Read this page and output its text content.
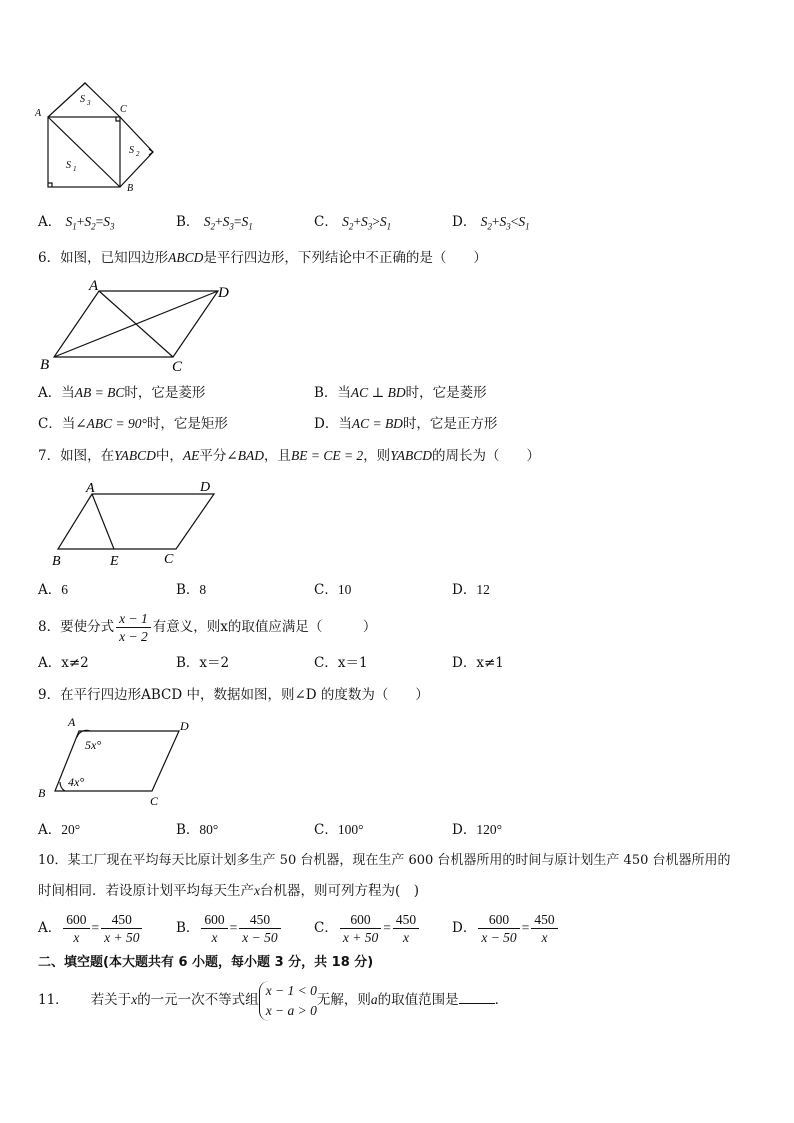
A	C
B
S 1
S 2
S 3
A． $S_1+S_2=S_3$	B． $S_2+S_3=S_1$	C． $S_2+S_3>S_1$	D． $S_2+S_3<S_1$
6．如图，已知四边形ABCD是平行四边形，下列结论中不正确的是（　　）
A	D
B	C
A．当AB = BC时，它是菱形	B．当AC ⊥ BD时，它是菱形
C．当∠ABC = 90°时，它是矩形	D．当AC = BD时，它是正方形
7．如图，在YABCD中，AE平分∠BAD，且BE = CE = 2，则YABCD的周长为（　　）
A	D
B	E	C
A．6	B．8	C．10	D．12
8．要使分式 $\frac{x - 1}{x - 2}$ 有意义，则x的取值应满足（　　　）
A．x≠2	B．x＝2	C．x＝1	D．x≠1
9．在平行四边形ABCD 中，数据如图，则∠D 的度数为（　　）
A	D
B
C
5x°
4x°
A．20°	B．80°	C．100°	D．120°
10．某工厂现在平均每天比原计划多生产 50 台机器，现在生产 600 台机器所用的时间与原计划生产 450 台机器所用的
时间相同．若设原计划平均每天生产x台机器，则可列方程为(　)
A． $\frac{600}{x} = \frac{450}{x + 50}$ B． $\frac{600}{x} = \frac{450}{x - 50}$ C． $\frac{600}{x + 50} = \frac{450}{x}$ D． $\frac{600}{x - 50} = \frac{450}{x}$
二、填空题(本大题共有 6 小题，每小题 3 分，共 18 分)
11． 若关于x的一元一次不等式组
x − 1 < 0
x − a > 0
无解，则a的取值范围是	．
